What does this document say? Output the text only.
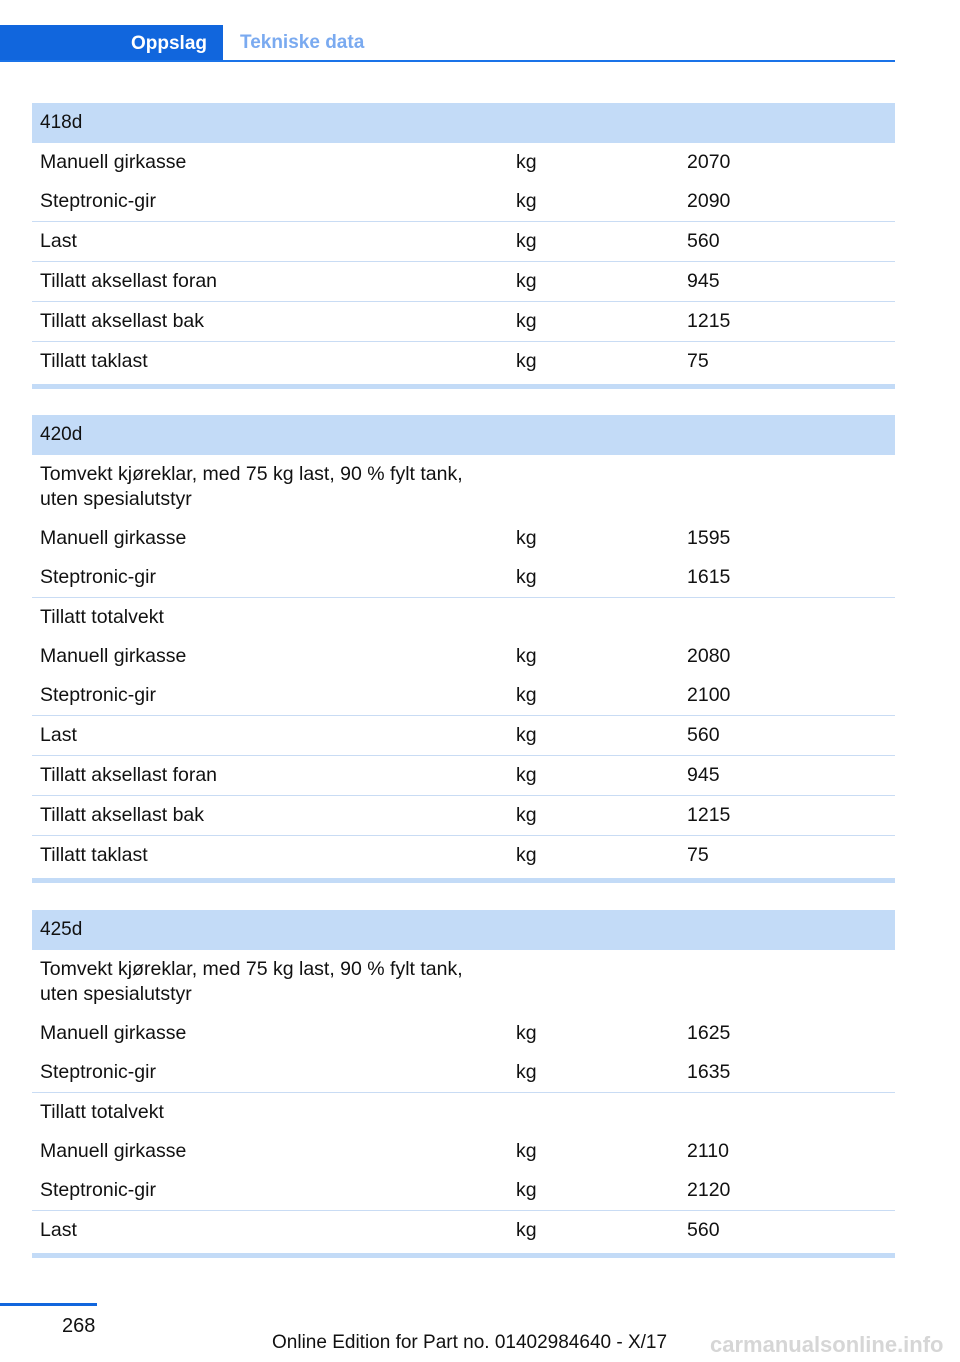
Oppslag	Tekniske data
418d
Manuell girkasse	kg	2070
Steptronic-gir	kg	2090
Last	kg	560
Tillatt aksellast foran	kg	945
Tillatt aksellast bak	kg	1215
Tillatt taklast	kg	75
420d
Tomvekt kjøreklar, med 75 kg last, 90 % fylt tank, uten spesialutstyr
Manuell girkasse	kg	1595
Steptronic-gir	kg	1615
Tillatt totalvekt
Manuell girkasse	kg	2080
Steptronic-gir	kg	2100
Last	kg	560
Tillatt aksellast foran	kg	945
Tillatt aksellast bak	kg	1215
Tillatt taklast	kg	75
425d
Tomvekt kjøreklar, med 75 kg last, 90 % fylt tank, uten spesialutstyr
Manuell girkasse	kg	1625
Steptronic-gir	kg	1635
Tillatt totalvekt
Manuell girkasse	kg	2110
Steptronic-gir	kg	2120
Last	kg	560
268
Online Edition for Part no. 01402984640 - X/17 carmanualsonline.info
